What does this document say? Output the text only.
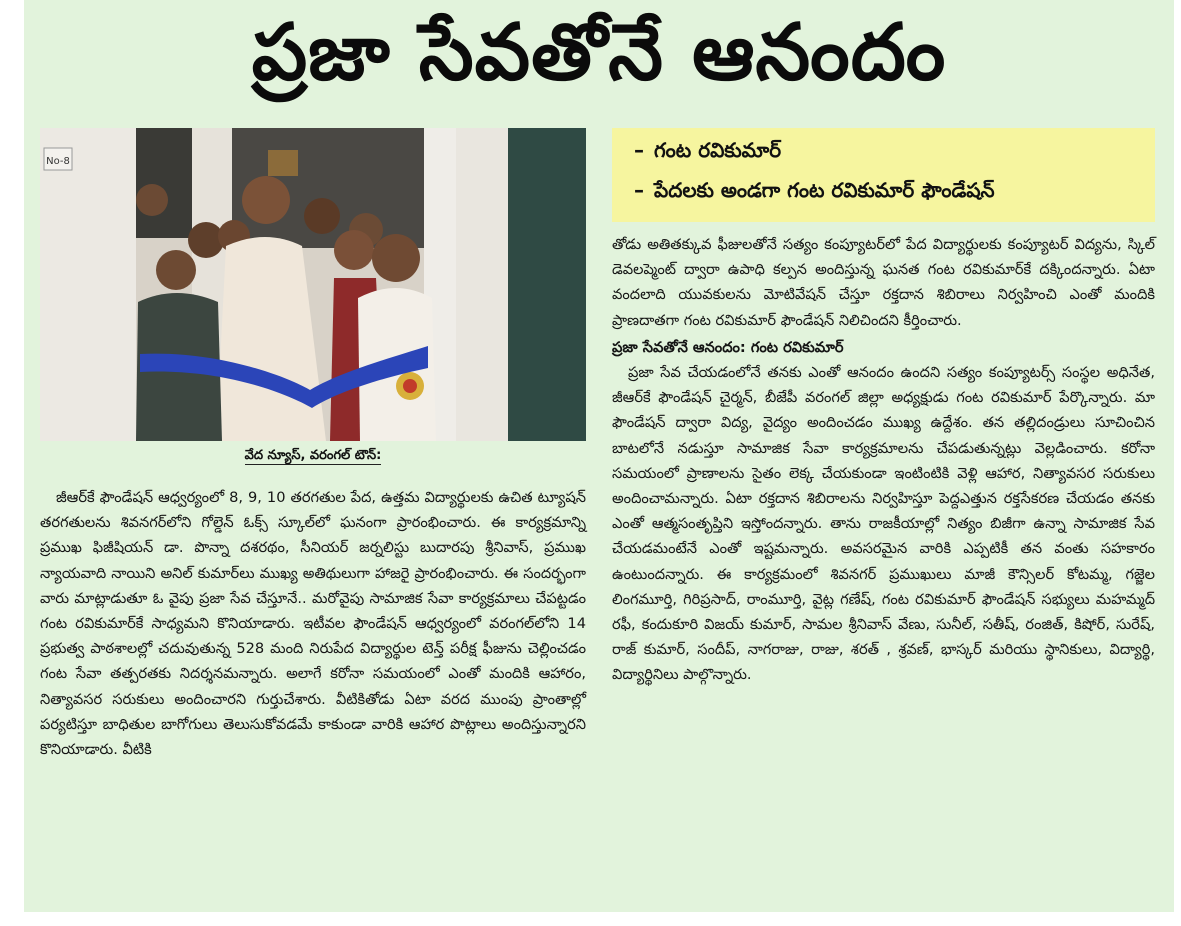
ప్రజా సేవతోనే ఆనందం
No-8
వేద న్యూస్, వరంగల్ టౌన్:

జీఆర్‌కే ఫౌండేషన్ ఆధ్వర్యంలో 8, 9, 10 తరగతుల పేద, ఉత్తమ విద్యార్థులకు ఉచిత ట్యూషన్ తరగతులను శివనగర్‌లోని గోల్డెన్ ఓక్స్ స్కూల్‌లో ఘనంగా ప్రారంభించారు. ఈ కార్యక్రమాన్ని ప్రముఖ ఫిజీషియన్ డా. పొన్నా దశరథం, సీనియర్ జర్నలిస్టు బుదారపు శ్రీనివాస్, ప్రముఖ న్యాయవాది నాయిని అనిల్ కుమార్‌లు ముఖ్య అతిథులుగా హాజరై ప్రారంభించారు. ఈ సందర్భంగా వారు మాట్లాడుతూ ఓ వైపు ప్రజా సేవ చేస్తూనే.. మరోవైపు సామాజిక సేవా కార్యక్రమాలు చేపట్టడం గంట రవికుమార్‌కే సాధ్యమని కొనియాడారు. ఇటీవల ఫౌండేషన్ ఆధ్వర్యంలో వరంగల్‌లోని 14 ప్రభుత్వ పాఠశాలల్లో చదువుతున్న 528 మంది నిరుపేద విద్యార్థుల టెన్త్ పరీక్ష ఫీజును చెల్లించడం గంట సేవా తత్పరతకు నిదర్శనమన్నారు. అలాగే కరోనా సమయంలో ఎంతో మందికి ఆహారం, నిత్యావసర సరుకులు అందించారని గుర్తుచేశారు. వీటికితోడు ఏటా వరద ముంపు ప్రాంతాల్లో పర్యటిస్తూ బాధితుల బాగోగులు తెలుసుకోవడమే కాకుండా వారికి ఆహార పొట్లాలు అందిస్తున్నారని కొనియాడారు. వీటికి

– గంట రవికుమార్
– పేదలకు అండగా గంట రవికుమార్ ఫౌండేషన్

తోడు అతితక్కువ ఫీజులతోనే సత్యం కంప్యూటర్‌లో పేద విద్యార్థులకు కంప్యూటర్ విద్యను, స్కిల్ డెవలప్మెంట్ ద్వారా ఉపాధి కల్పన అందిస్తున్న ఘనత గంట రవికుమార్‌కే దక్కిందన్నారు. ఏటా వందలాది యువకులను మోటివేషన్ చేస్తూ రక్తదాన శిబిరాలు నిర్వహించి ఎంతో మందికి ప్రాణదాతగా గంట రవికుమార్ ఫౌండేషన్ నిలిచిందని కీర్తించారు.

ప్రజా సేవతోనే ఆనందం: గంట రవికుమార్

ప్రజా సేవ చేయడంలోనే తనకు ఎంతో ఆనందం ఉందని సత్యం కంప్యూటర్స్ సంస్థల అధినేత, జీఆర్‌కే ఫౌండేషన్ చైర్మన్, బీజేపీ వరంగల్ జిల్లా అధ్యక్షుడు గంట రవికుమార్ పేర్కొన్నారు. మా ఫౌండేషన్ ద్వారా విద్య, వైద్యం అందించడం ముఖ్య ఉద్దేశం. తన తల్లిదండ్రులు సూచించిన బాటలోనే నడుస్తూ సామాజిక సేవా కార్యక్రమాలను చేపడుతున్నట్లు వెల్లడించారు. కరోనా సమయంలో ప్రాణాలను సైతం లెక్క చేయకుండా ఇంటింటికి వెళ్లి ఆహార, నిత్యావసర సరుకులు అందించామన్నారు. ఏటా రక్తదాన శిబిరాలను నిర్వహిస్తూ పెద్దఎత్తున రక్తసేకరణ చేయడం తనకు ఎంతో ఆత్మసంతృప్తిని ఇస్తోందన్నారు. తాను రాజకీయాల్లో నిత్యం బిజీగా ఉన్నా సామాజిక సేవ చేయడమంటేనే ఎంతో ఇష్టమన్నారు. అవసరమైన వారికి ఎప్పటికీ తన వంతు సహకారం ఉంటుందన్నారు. ఈ కార్యక్రమంలో శివనగర్ ప్రముఖులు మాజీ కౌన్సిలర్ కోటమ్మ, గజ్జెల లింగమూర్తి, గిరిప్రసాద్, రాంమూర్తి, వైట్ల గణేష్, గంట రవికుమార్ ఫౌండేషన్ సభ్యులు మహమ్మద్ రఫీ, కందుకూరి విజయ్ కుమార్, సామల శ్రీనివాస్ వేణు, సునీల్, సతీష్, రంజిత్, కిషోర్, సురేష్, రాజ్ కుమార్, సందీప్, నాగరాజు, రాజు, శరత్ , శ్రవణ్, భాస్కర్ మరియు స్థానికులు, విద్యార్థి, విద్యార్థినిలు పాల్గొన్నారు.
